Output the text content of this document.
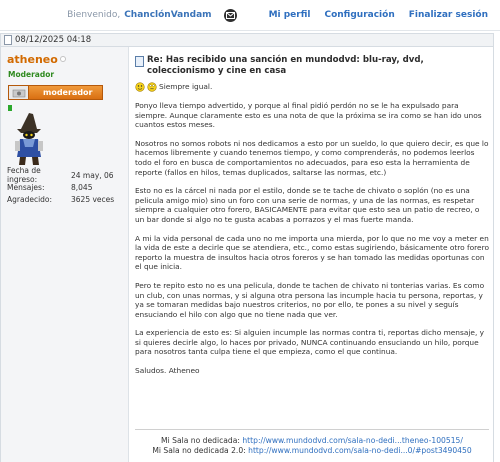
Bienvenido, ChanclónVandam	Mi perfil Configuración Finalizar sesión
08/12/2025 04:18
atheneo
Moderador
moderador
Fecha de ingreso:	24 may, 06
Mensajes:	8,045
Agradecido:	3625 veces
Re: Has recibido una sanción en mundodvd: blu-ray, dvd, coleccionismo y cine en casa
Siempre igual.

Ponyo lleva tiempo advertido, y porque al final pidió perdón no se le ha expulsado para siempre. Aunque claramente esto es una nota de que la próxima se ira como se han ido unos cuantos estos meses.

Nosotros no somos robots ni nos dedicamos a esto por un sueldo, lo que quiero decir, es que lo hacemos libremente y cuando tenemos tiempo, y como comprenderás, no podemos leerlos todo el foro en busca de comportamientos no adecuados, para eso esta la herramienta de reporte (fallos en hilos, temas duplicados, saltarse las normas, etc.)

Esto no es la cárcel ni nada por el estilo, donde se te tache de chivato o soplón (no es una pelicula amigo mio) sino un foro con una serie de normas, y una de las normas, es respetar siempre a cualquier otro forero, BASICAMENTE para evitar que esto sea un patio de recreo, o un bar donde si algo no te gusta acabas a porrazos y el mas fuerte manda.

A mi la vida personal de cada uno no me importa una mierda, por lo que no me voy a meter en la vida de este a decirle que se atendiera, etc., como estas sugiriendo, básicamente otro forero reporto la muestra de insultos hacia otros foreros y se han tomado las medidas oportunas con el que inicia.

Pero te repito esto no es una pelicula, donde te tachen de chivato ni tonterias varias. Es como un club, con unas normas, y si alguna otra persona las incumple hacia tu persona, reportas, y ya se tomaran medidas bajo nuestros criterios, no por ello, te pones a su nivel y seguís ensuciando el hilo con algo que no tiene nada que ver.

La experiencia de esto es: Si alguien incumple las normas contra ti, reportas dicho mensaje, y si quieres decirle algo, lo haces por privado, NUNCA continuando ensuciando un hilo, porque para nosotros tanta culpa tiene el que empieza, como el que continua.

Saludos. Atheneo

Mi Sala no dedicada: http://www.mundodvd.com/sala-no-dedi...theneo-100515/
Mi Sala no dedicada 2.0: http://www.mundodvd.com/sala-no-dedi...0/#post3490450
